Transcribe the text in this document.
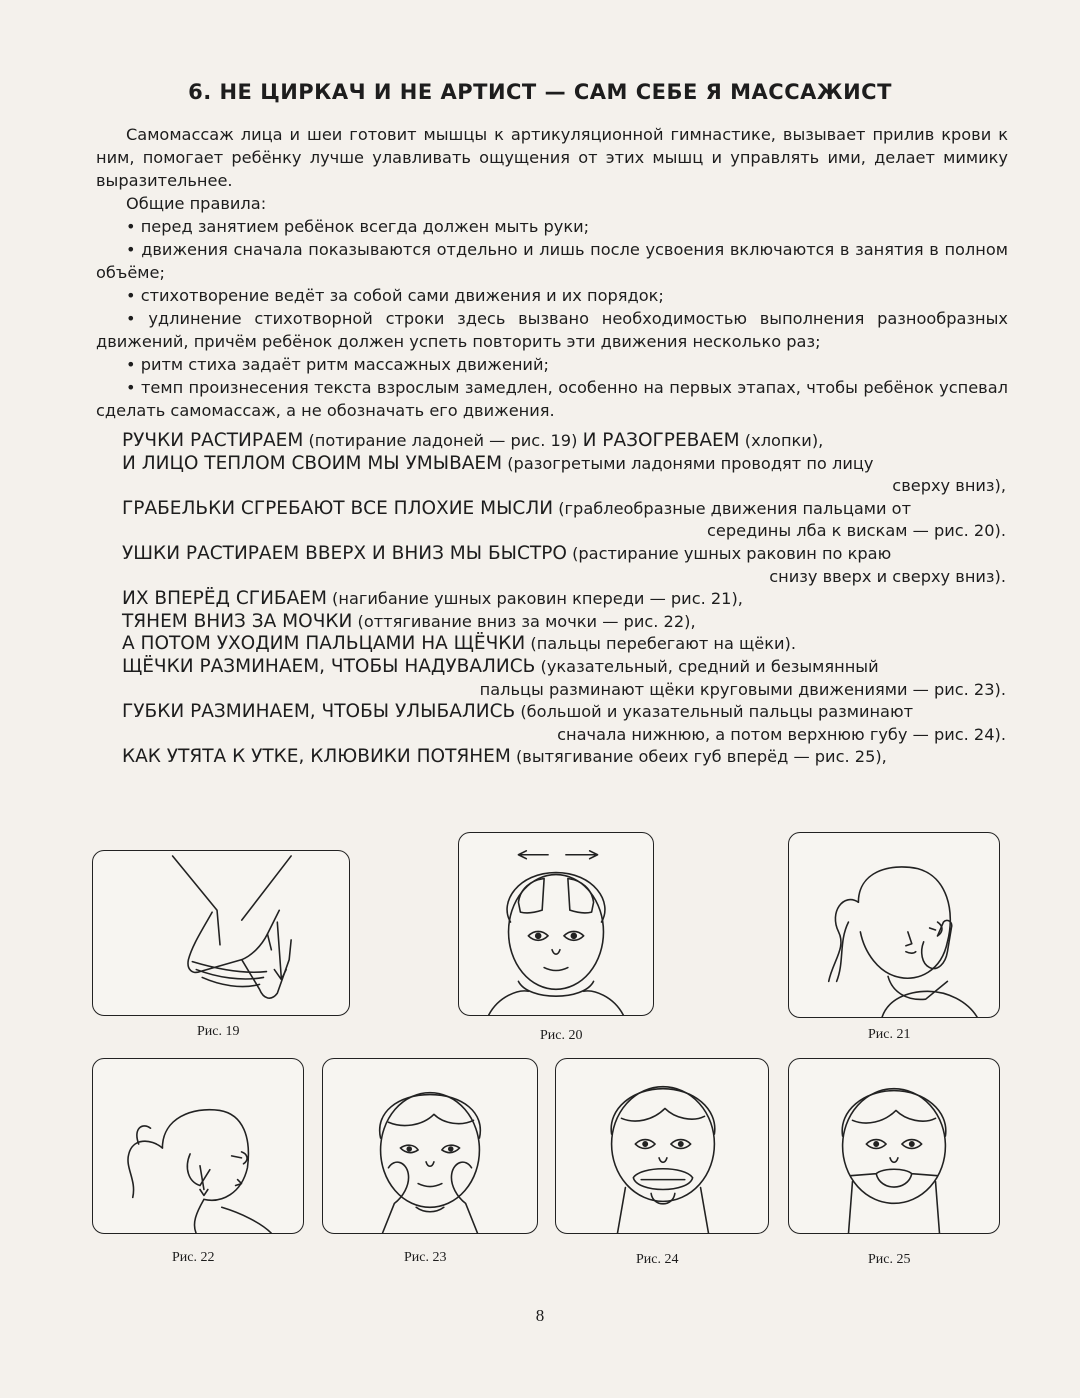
6. НЕ ЦИРКАЧ И НЕ АРТИСТ — САМ СЕБЕ Я МАССАЖИСТ

Самомассаж лица и шеи готовит мышцы к артикуляционной гимнастике, вызывает прилив крови к ним, помогает ребёнку лучше улавливать ощущения от этих мышц и управлять ими, делает мимику выразительнее.

Общие правила:

• перед занятием ребёнок всегда должен мыть руки;

• движения сначала показываются отдельно и лишь после усвоения включаются в занятия в полном объёме;

• стихотворение ведёт за собой сами движения и их порядок;

• удлинение стихотворной строки здесь вызвано необходимостью выполнения разнообразных движений, причём ребёнок должен успеть повторить эти движения несколько раз;

• ритм стиха задаёт ритм массажных движений;

• темп произнесения текста взрослым замедлен, особенно на первых этапах, чтобы ребёнок успевал сделать самомассаж, а не обозначать его движения.

РУЧКИ РАСТИРАЕМ (потирание ладоней — рис. 19) И РАЗОГРЕВАЕМ (хлопки),

И ЛИЦО ТЕПЛОМ СВОИМ МЫ УМЫВАЕМ (разогретыми ладонями проводят по лицу

сверху вниз),

ГРАБЕЛЬКИ СГРЕБАЮТ ВСЕ ПЛОХИЕ МЫСЛИ (граблеобразные движения пальцами от

середины лба к вискам — рис. 20).

УШКИ РАСТИРАЕМ ВВЕРХ И ВНИЗ МЫ БЫСТРО (растирание ушных раковин по краю

снизу вверх и сверху вниз).

ИХ ВПЕРЁД СГИБАЕМ (нагибание ушных раковин кпереди — рис. 21),

ТЯНЕМ ВНИЗ ЗА МОЧКИ (оттягивание вниз за мочки — рис. 22),

А ПОТОМ УХОДИМ ПАЛЬЦАМИ НА ЩЁЧКИ (пальцы перебегают на щёки).

ЩЁЧКИ РАЗМИНАЕМ, ЧТОБЫ НАДУВАЛИСЬ (указательный, средний и безымянный

пальцы разминают щёки круговыми движениями — рис. 23).

ГУБКИ РАЗМИНАЕМ, ЧТОБЫ УЛЫБАЛИСЬ (большой и указательный пальцы разминают

сначала нижнюю, а потом верхнюю губу — рис. 24).

КАК УТЯТА К УТКЕ, КЛЮВИКИ ПОТЯНЕМ (вытягивание обеих губ вперёд — рис. 25),

Рис. 19	Рис. 20	Рис. 21
Рис. 22	Рис. 23	Рис. 24	Рис. 25
8
